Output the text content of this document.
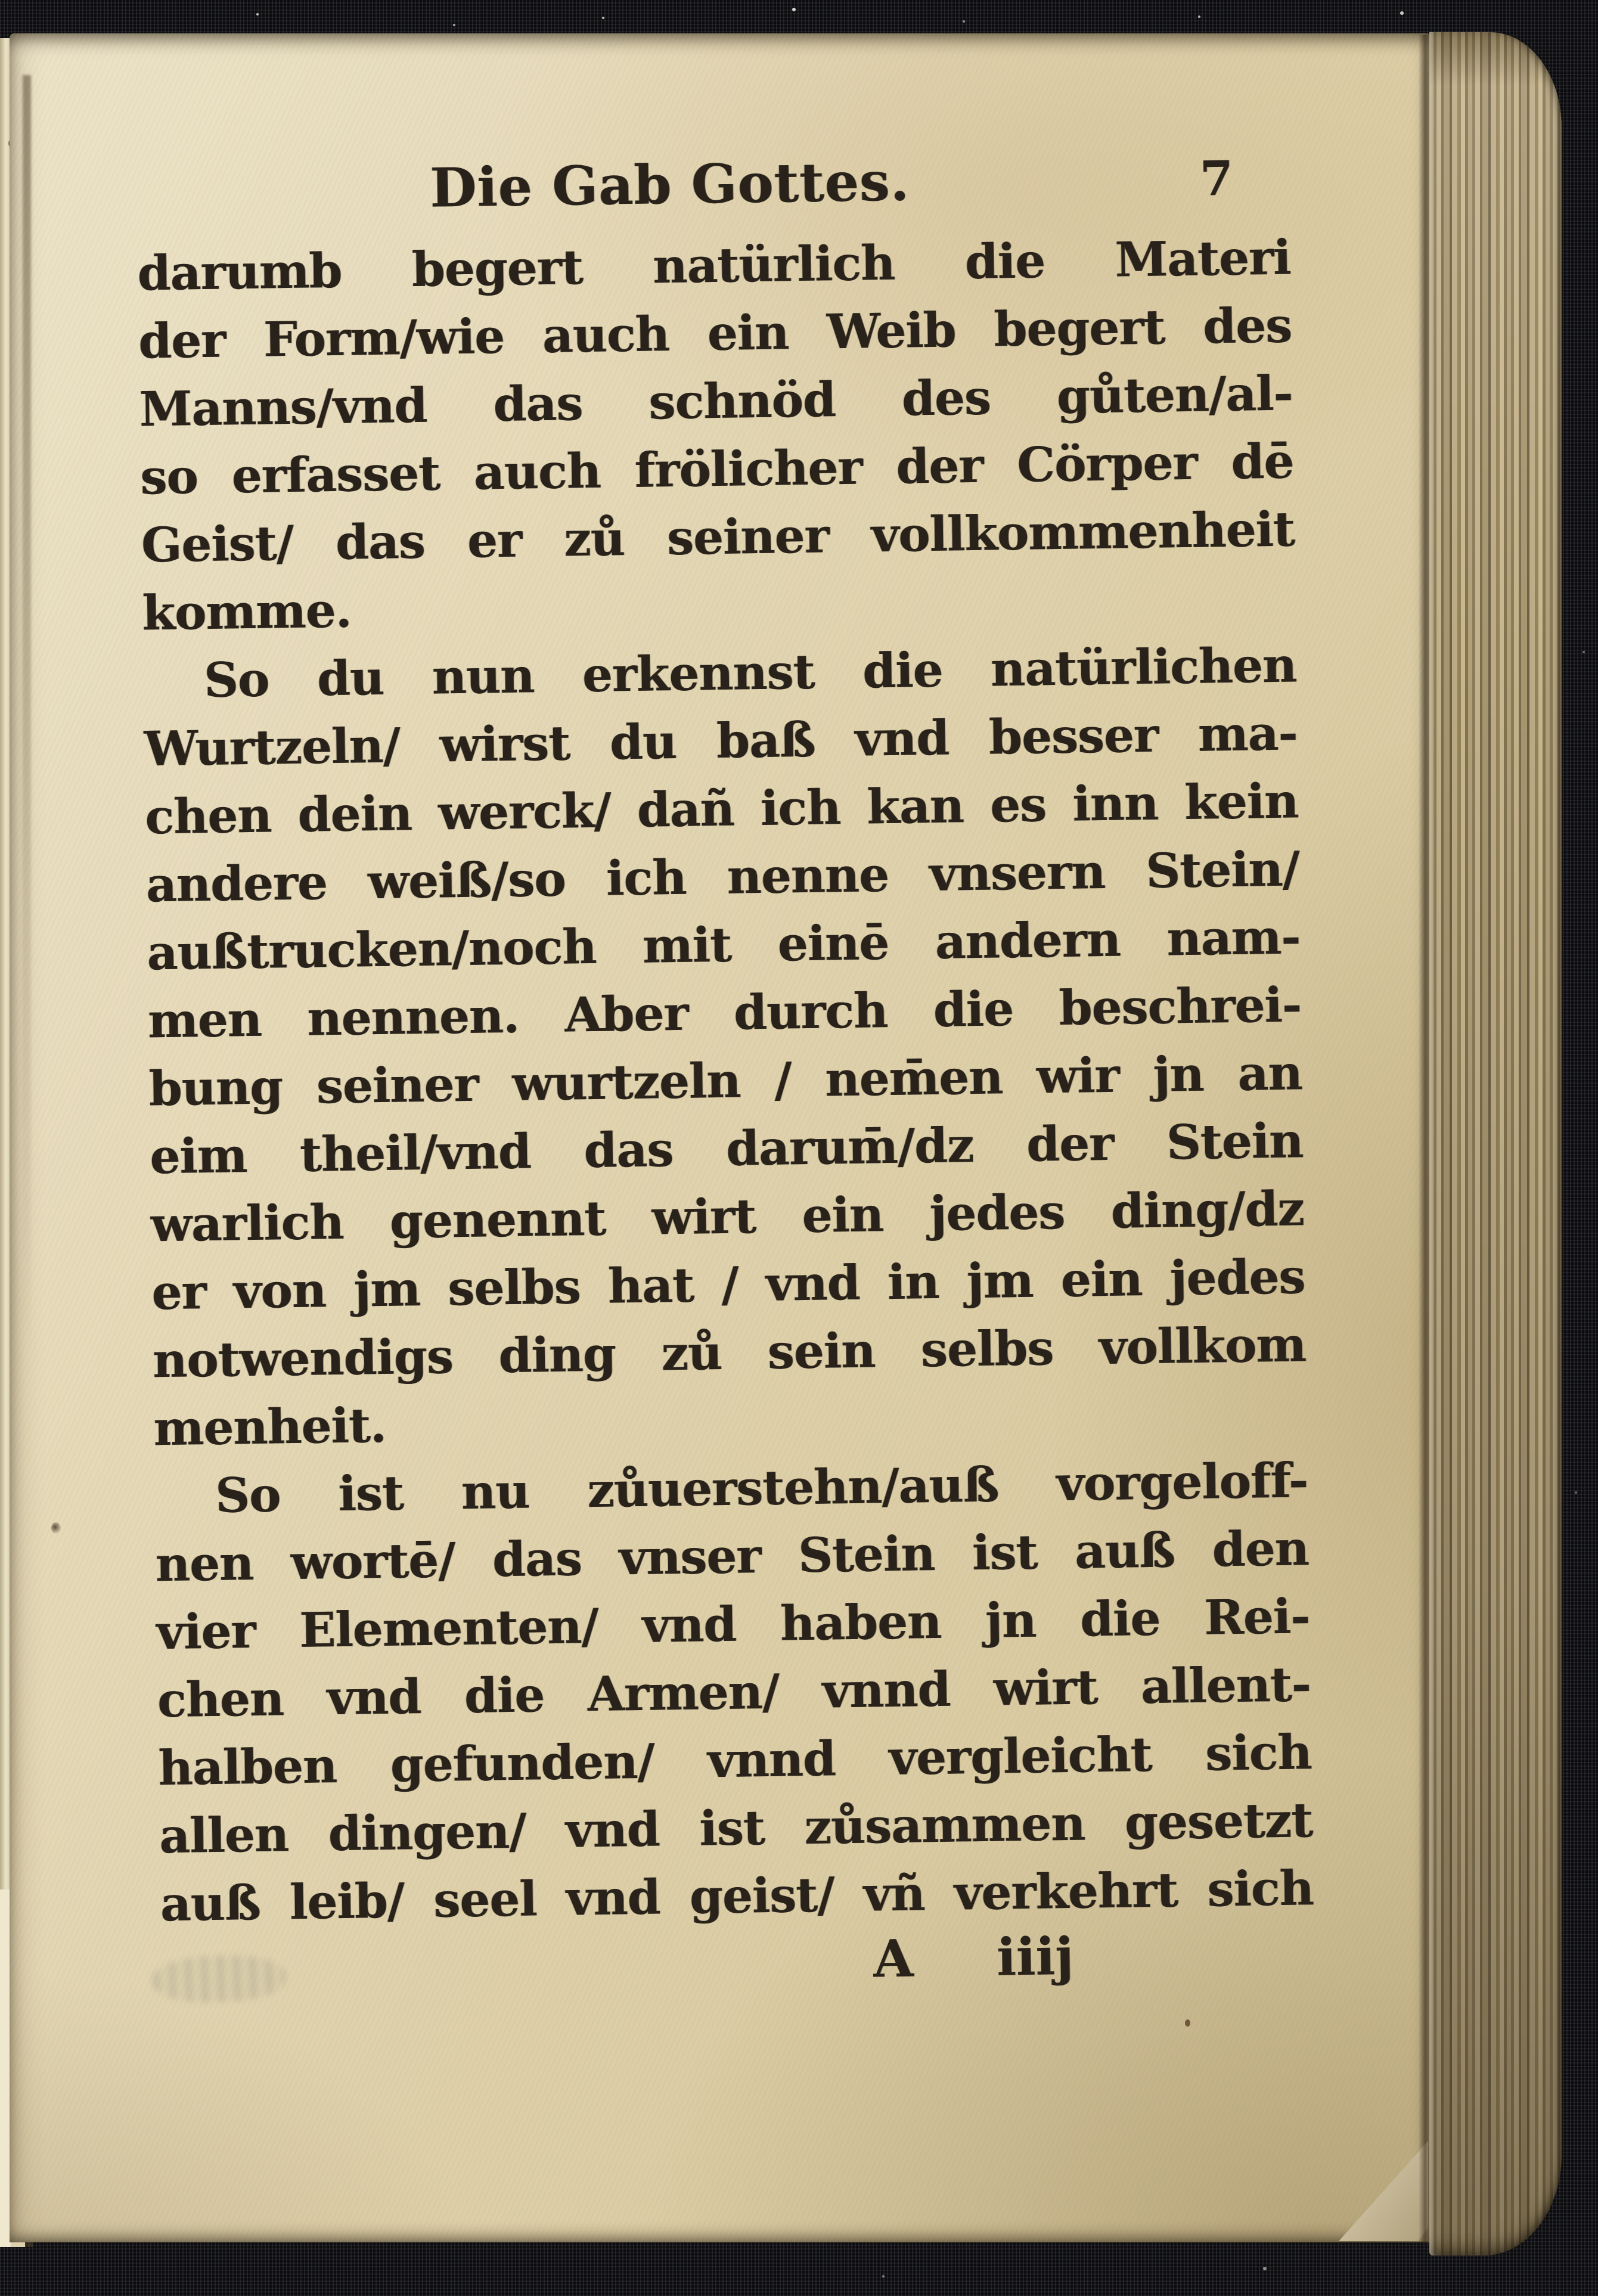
Die Gab Gottes.	7
darumb begert natürlich die Materi
der Form/wie auch ein Weib begert des
Manns/vnd das schnöd des gůten/al-
so erfasset auch frölicher der Cörper dē
Geist/ das er zů seiner vollkommenheit
komme.
So du nun erkennst die natürlichen
Wurtzeln/ wirst du baß vnd besser ma-
chen dein werck/ dañ ich kan es inn kein
andere weiß/so ich nenne vnsern Stein/
außtrucken/noch mit einē andern nam-
men nennen. Aber durch die beschrei-
bung seiner wurtzeln / nem̄en wir jn an
eim theil/vnd das darum̄/dz der Stein
warlich genennt wirt ein jedes ding/dz
er von jm selbs hat / vnd in jm ein jedes
notwendigs ding zů sein selbs vollkom
menheit.
So ist nu zůuerstehn/auß vorgeloff-
nen wortē/ das vnser Stein ist auß den
vier Elementen/ vnd haben jn die Rei-
chen vnd die Armen/ vnnd wirt allent-
halben gefunden/ vnnd vergleicht sich
allen dingen/ vnd ist zůsammen gesetzt
auß leib/ seel vnd geist/ vñ verkehrt sich
A iiij
